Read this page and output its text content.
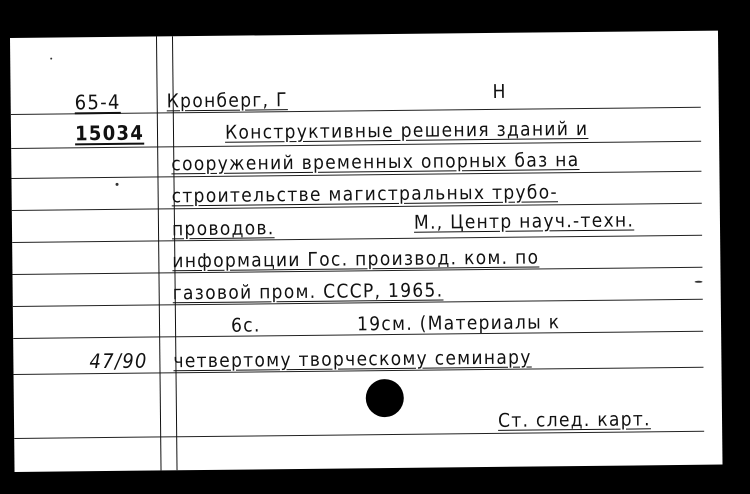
65-4
15034
47/90
Кронберг, Г	Н
Конструктивные решения зданий и
сооружений временных опорных баз на
строительстве магистральных трубо-
проводов.	М., Центр науч.-техн.
информации Гос. производ. ком. по
газовой пром. СССР, 1965.
6с.	19см. (Материалы к
четвертому творческому семинару
Ст. след. карт.
